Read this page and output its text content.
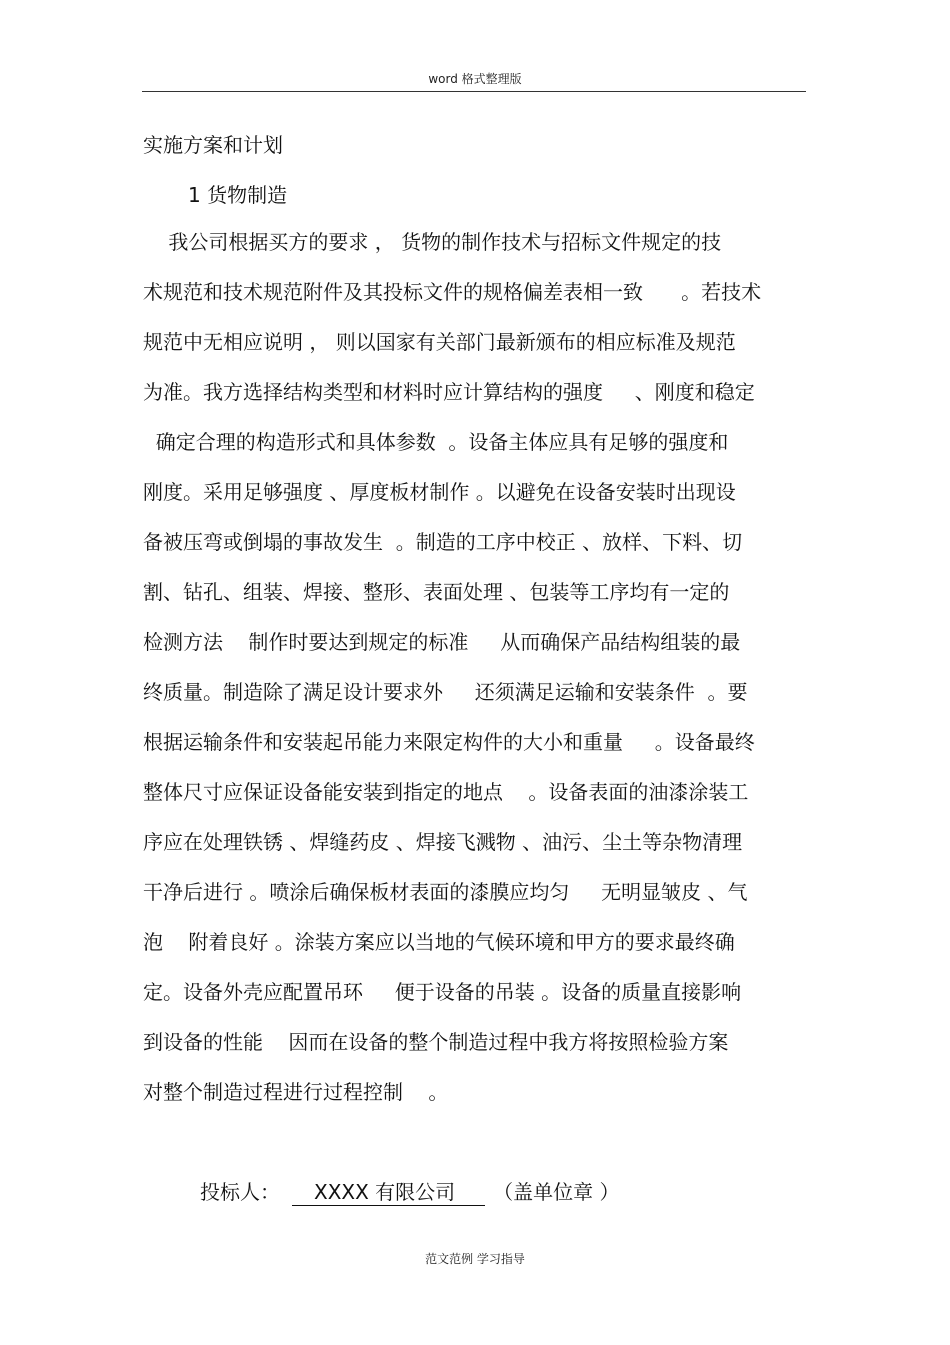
word 格式整理版
实施方案和计划
1 货物制造
我公司根据买方的要求 ， 货物的制作技术与招标文件规定的技
术规范和技术规范附件及其投标文件的规格偏差表相一致      。若技术
规范中无相应说明 ， 则以国家有关部门最新颁布的相应标准及规范
为准。我方选择结构类型和材料时应计算结构的强度     、刚度和稳定
确定合理的构造形式和具体参数  。设备主体应具有足够的强度和
刚度。采用足够强度 、厚度板材制作 。以避免在设备安装时出现设
备被压弯或倒塌的事故发生  。制造的工序中校正 、放样、下料、切
割、钻孔、组装、焊接、整形、表面处理 、包装等工序均有一定的
检测方法    制作时要达到规定的标准     从而确保产品结构组装的最
终质量。制造除了满足设计要求外     还须满足运输和安装条件  。要
根据运输条件和安装起吊能力来限定构件的大小和重量     。设备最终
整体尺寸应保证设备能安装到指定的地点    。设备表面的油漆涂装工
序应在处理铁锈 、焊缝药皮 、焊接飞溅物 、油污、尘土等杂物清理
干净后进行 。喷涂后确保板材表面的漆膜应均匀     无明显皱皮 、气
泡    附着良好 。涂装方案应以当地的气候环境和甲方的要求最终确
定。设备外壳应配置吊环     便于设备的吊装 。设备的质量直接影响
到设备的性能    因而在设备的整个制造过程中我方将按照检验方案
对整个制造过程进行过程控制    。
投标人： XXXX 有限公司 （盖单位章 ）
范文范例 学习指导
